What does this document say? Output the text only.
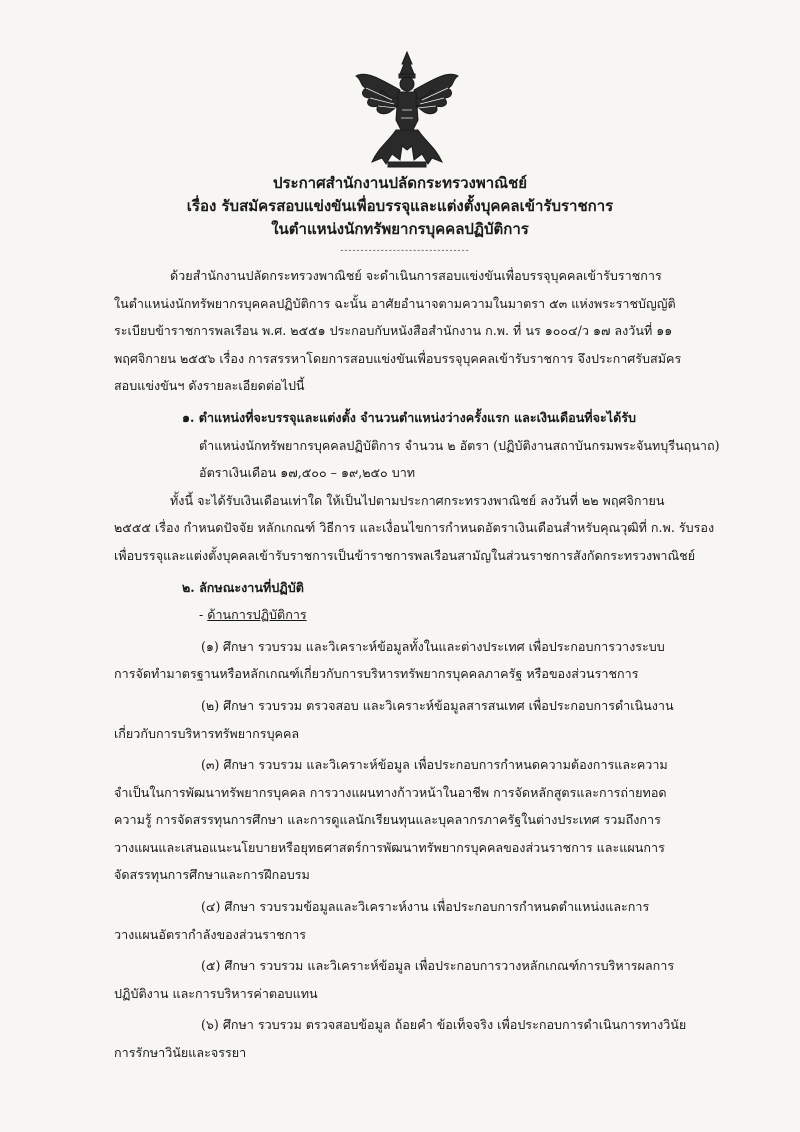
ประกาศสำนักงานปลัดกระทรวงพาณิชย์
เรื่อง รับสมัครสอบแข่งขันเพื่อบรรจุและแต่งตั้งบุคคลเข้ารับราชการ
ในตำแหน่งนักทรัพยากรบุคคลปฏิบัติการ
--------------------------------

ด้วยสำนักงานปลัดกระทรวงพาณิชย์ จะดำเนินการสอบแข่งขันเพื่อบรรจุบุคคลเข้ารับราชการ

ในตำแหน่งนักทรัพยากรบุคคลปฏิบัติการ ฉะนั้น อาศัยอำนาจตามความในมาตรา ๕๓ แห่งพระราชบัญญัติ

ระเบียบข้าราชการพลเรือน พ.ศ. ๒๕๕๑ ประกอบกับหนังสือสำนักงาน ก.พ. ที่ นร ๑๐๐๔/ว ๑๗ ลงวันที่ ๑๑

พฤศจิกายน ๒๕๕๖ เรื่อง การสรรหาโดยการสอบแข่งขันเพื่อบรรจุบุคคลเข้ารับราชการ จึงประกาศรับสมัคร

สอบแข่งขันฯ ดังรายละเอียดต่อไปนี้

๑. ตำแหน่งที่จะบรรจุและแต่งตั้ง จำนวนตำแหน่งว่างครั้งแรก และเงินเดือนที่จะได้รับ

ตำแหน่งนักทรัพยากรบุคคลปฏิบัติการ จำนวน ๒ อัตรา (ปฏิบัติงานสถาบันกรมพระจันทบุรีนฤนาถ)

อัตราเงินเดือน ๑๗,๕๐๐ – ๑๙,๒๕๐ บาท

ทั้งนี้ จะได้รับเงินเดือนเท่าใด ให้เป็นไปตามประกาศกระทรวงพาณิชย์ ลงวันที่ ๒๒ พฤศจิกายน

๒๕๕๕ เรื่อง กำหนดปัจจัย หลักเกณฑ์ วิธีการ และเงื่อนไขการกำหนดอัตราเงินเดือนสำหรับคุณวุฒิที่ ก.พ. รับรอง

เพื่อบรรจุและแต่งตั้งบุคคลเข้ารับราชการเป็นข้าราชการพลเรือนสามัญในส่วนราชการสังกัดกระทรวงพาณิชย์

๒. ลักษณะงานที่ปฏิบัติ

- ด้านการปฏิบัติการ

(๑) ศึกษา รวบรวม และวิเคราะห์ข้อมูลทั้งในและต่างประเทศ เพื่อประกอบการวางระบบ

การจัดทำมาตรฐานหรือหลักเกณฑ์เกี่ยวกับการบริหารทรัพยากรบุคคลภาครัฐ หรือของส่วนราชการ

(๒) ศึกษา รวบรวม ตรวจสอบ และวิเคราะห์ข้อมูลสารสนเทศ เพื่อประกอบการดำเนินงาน

เกี่ยวกับการบริหารทรัพยากรบุคคล

(๓) ศึกษา รวบรวม และวิเคราะห์ข้อมูล เพื่อประกอบการกำหนดความต้องการและความ

จำเป็นในการพัฒนาทรัพยากรบุคคล การวางแผนทางก้าวหน้าในอาชีพ การจัดหลักสูตรและการถ่ายทอด

ความรู้ การจัดสรรทุนการศึกษา และการดูแลนักเรียนทุนและบุคลากรภาครัฐในต่างประเทศ รวมถึงการ

วางแผนและเสนอแนะนโยบายหรือยุทธศาสตร์การพัฒนาทรัพยากรบุคคลของส่วนราชการ และแผนการ

จัดสรรทุนการศึกษาและการฝึกอบรม

(๔) ศึกษา รวบรวมข้อมูลและวิเคราะห์งาน เพื่อประกอบการกำหนดตำแหน่งและการ

วางแผนอัตรากำลังของส่วนราชการ

(๕) ศึกษา รวบรวม และวิเคราะห์ข้อมูล เพื่อประกอบการวางหลักเกณฑ์การบริหารผลการ

ปฏิบัติงาน และการบริหารค่าตอบแทน

(๖) ศึกษา รวบรวม ตรวจสอบข้อมูล ถ้อยคำ ข้อเท็จจริง เพื่อประกอบการดำเนินการทางวินัย

การรักษาวินัยและจรรยา
